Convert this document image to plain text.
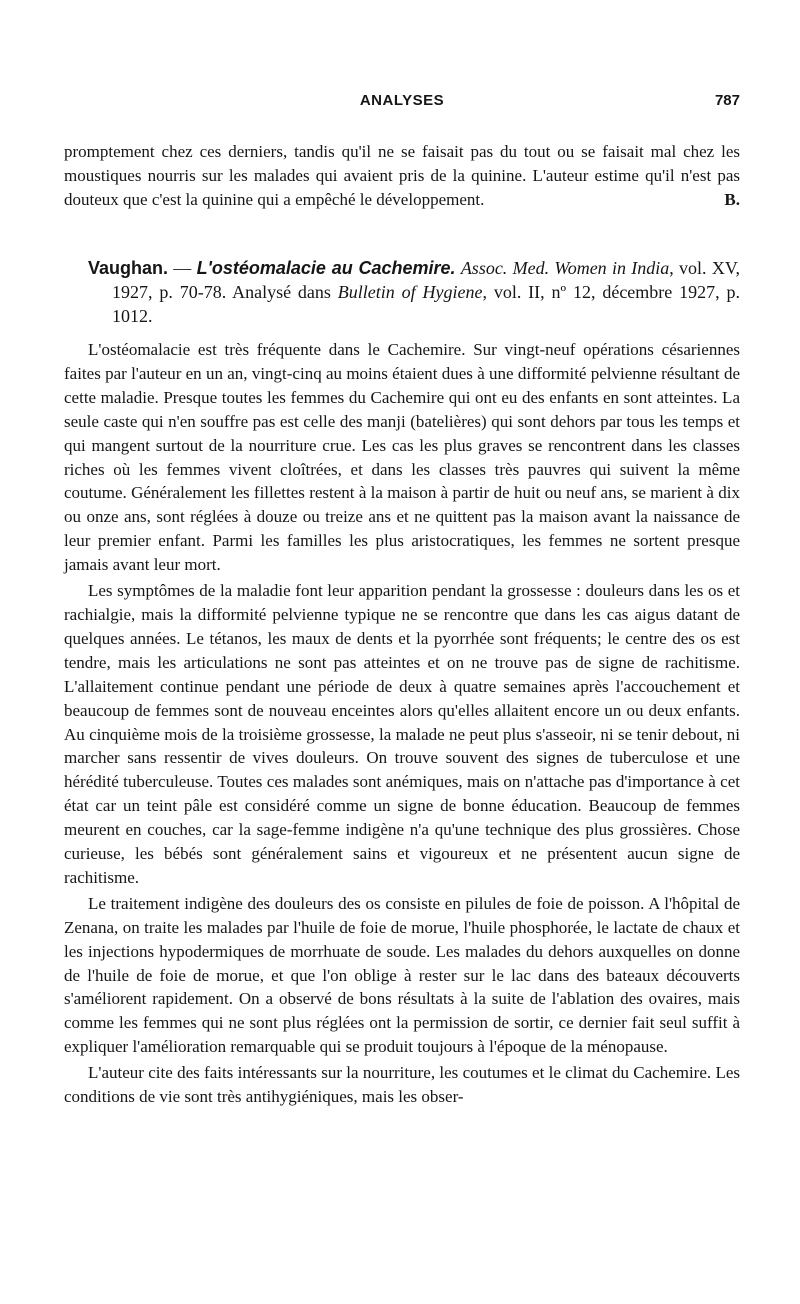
ANALYSES	787

promptement chez ces derniers, tandis qu'il ne se faisait pas du tout ou se faisait mal chez les moustiques nourris sur les malades qui avaient pris de la quinine. L'auteur estime qu'il n'est pas douteux que c'est la quinine qui a empêché le développement.	B.

Vaughan. — L'ostéomalacie au Cachemire. Assoc. Med. Women in India, vol. XV, 1927, p. 70-78. Analysé dans Bulletin of Hygiene, vol. II, nº 12, décembre 1927, p. 1012.

L'ostéomalacie est très fréquente dans le Cachemire. Sur vingt-neuf opérations césariennes faites par l'auteur en un an, vingt-cinq au moins étaient dues à une difformité pelvienne résultant de cette maladie. Presque toutes les femmes du Cachemire qui ont eu des enfants en sont atteintes. La seule caste qui n'en souffre pas est celle des manji (batelières) qui sont dehors par tous les temps et qui mangent surtout de la nourriture crue. Les cas les plus graves se rencontrent dans les classes riches où les femmes vivent cloîtrées, et dans les classes très pauvres qui suivent la même coutume. Généralement les fillettes restent à la maison à partir de huit ou neuf ans, se marient à dix ou onze ans, sont réglées à douze ou treize ans et ne quittent pas la maison avant la naissance de leur premier enfant. Parmi les familles les plus aristocratiques, les femmes ne sortent presque jamais avant leur mort.

Les symptômes de la maladie font leur apparition pendant la grossesse : douleurs dans les os et rachialgie, mais la difformité pelvienne typique ne se rencontre que dans les cas aigus datant de quelques années. Le tétanos, les maux de dents et la pyorrhée sont fréquents; le centre des os est tendre, mais les articulations ne sont pas atteintes et on ne trouve pas de signe de rachitisme. L'allaitement continue pendant une période de deux à quatre semaines après l'accouchement et beaucoup de femmes sont de nouveau enceintes alors qu'elles allaitent encore un ou deux enfants. Au cinquième mois de la troisième grossesse, la malade ne peut plus s'asseoir, ni se tenir debout, ni marcher sans ressentir de vives douleurs. On trouve souvent des signes de tuberculose et une hérédité tuberculeuse. Toutes ces malades sont anémiques, mais on n'attache pas d'importance à cet état car un teint pâle est considéré comme un signe de bonne éducation. Beaucoup de femmes meurent en couches, car la sage-femme indigène n'a qu'une technique des plus grossières. Chose curieuse, les bébés sont généralement sains et vigoureux et ne présentent aucun signe de rachitisme.

Le traitement indigène des douleurs des os consiste en pilules de foie de poisson. A l'hôpital de Zenana, on traite les malades par l'huile de foie de morue, l'huile phosphorée, le lactate de chaux et les injections hypodermiques de morrhuate de soude. Les malades du dehors auxquelles on donne de l'huile de foie de morue, et que l'on oblige à rester sur le lac dans des bateaux découverts s'améliorent rapidement. On a observé de bons résultats à la suite de l'ablation des ovaires, mais comme les femmes qui ne sont plus réglées ont la permission de sortir, ce dernier fait seul suffit à expliquer l'amélioration remarquable qui se produit toujours à l'époque de la ménopause.

L'auteur cite des faits intéressants sur la nourriture, les coutumes et le climat du Cachemire. Les conditions de vie sont très antihygiéniques, mais les obser-
